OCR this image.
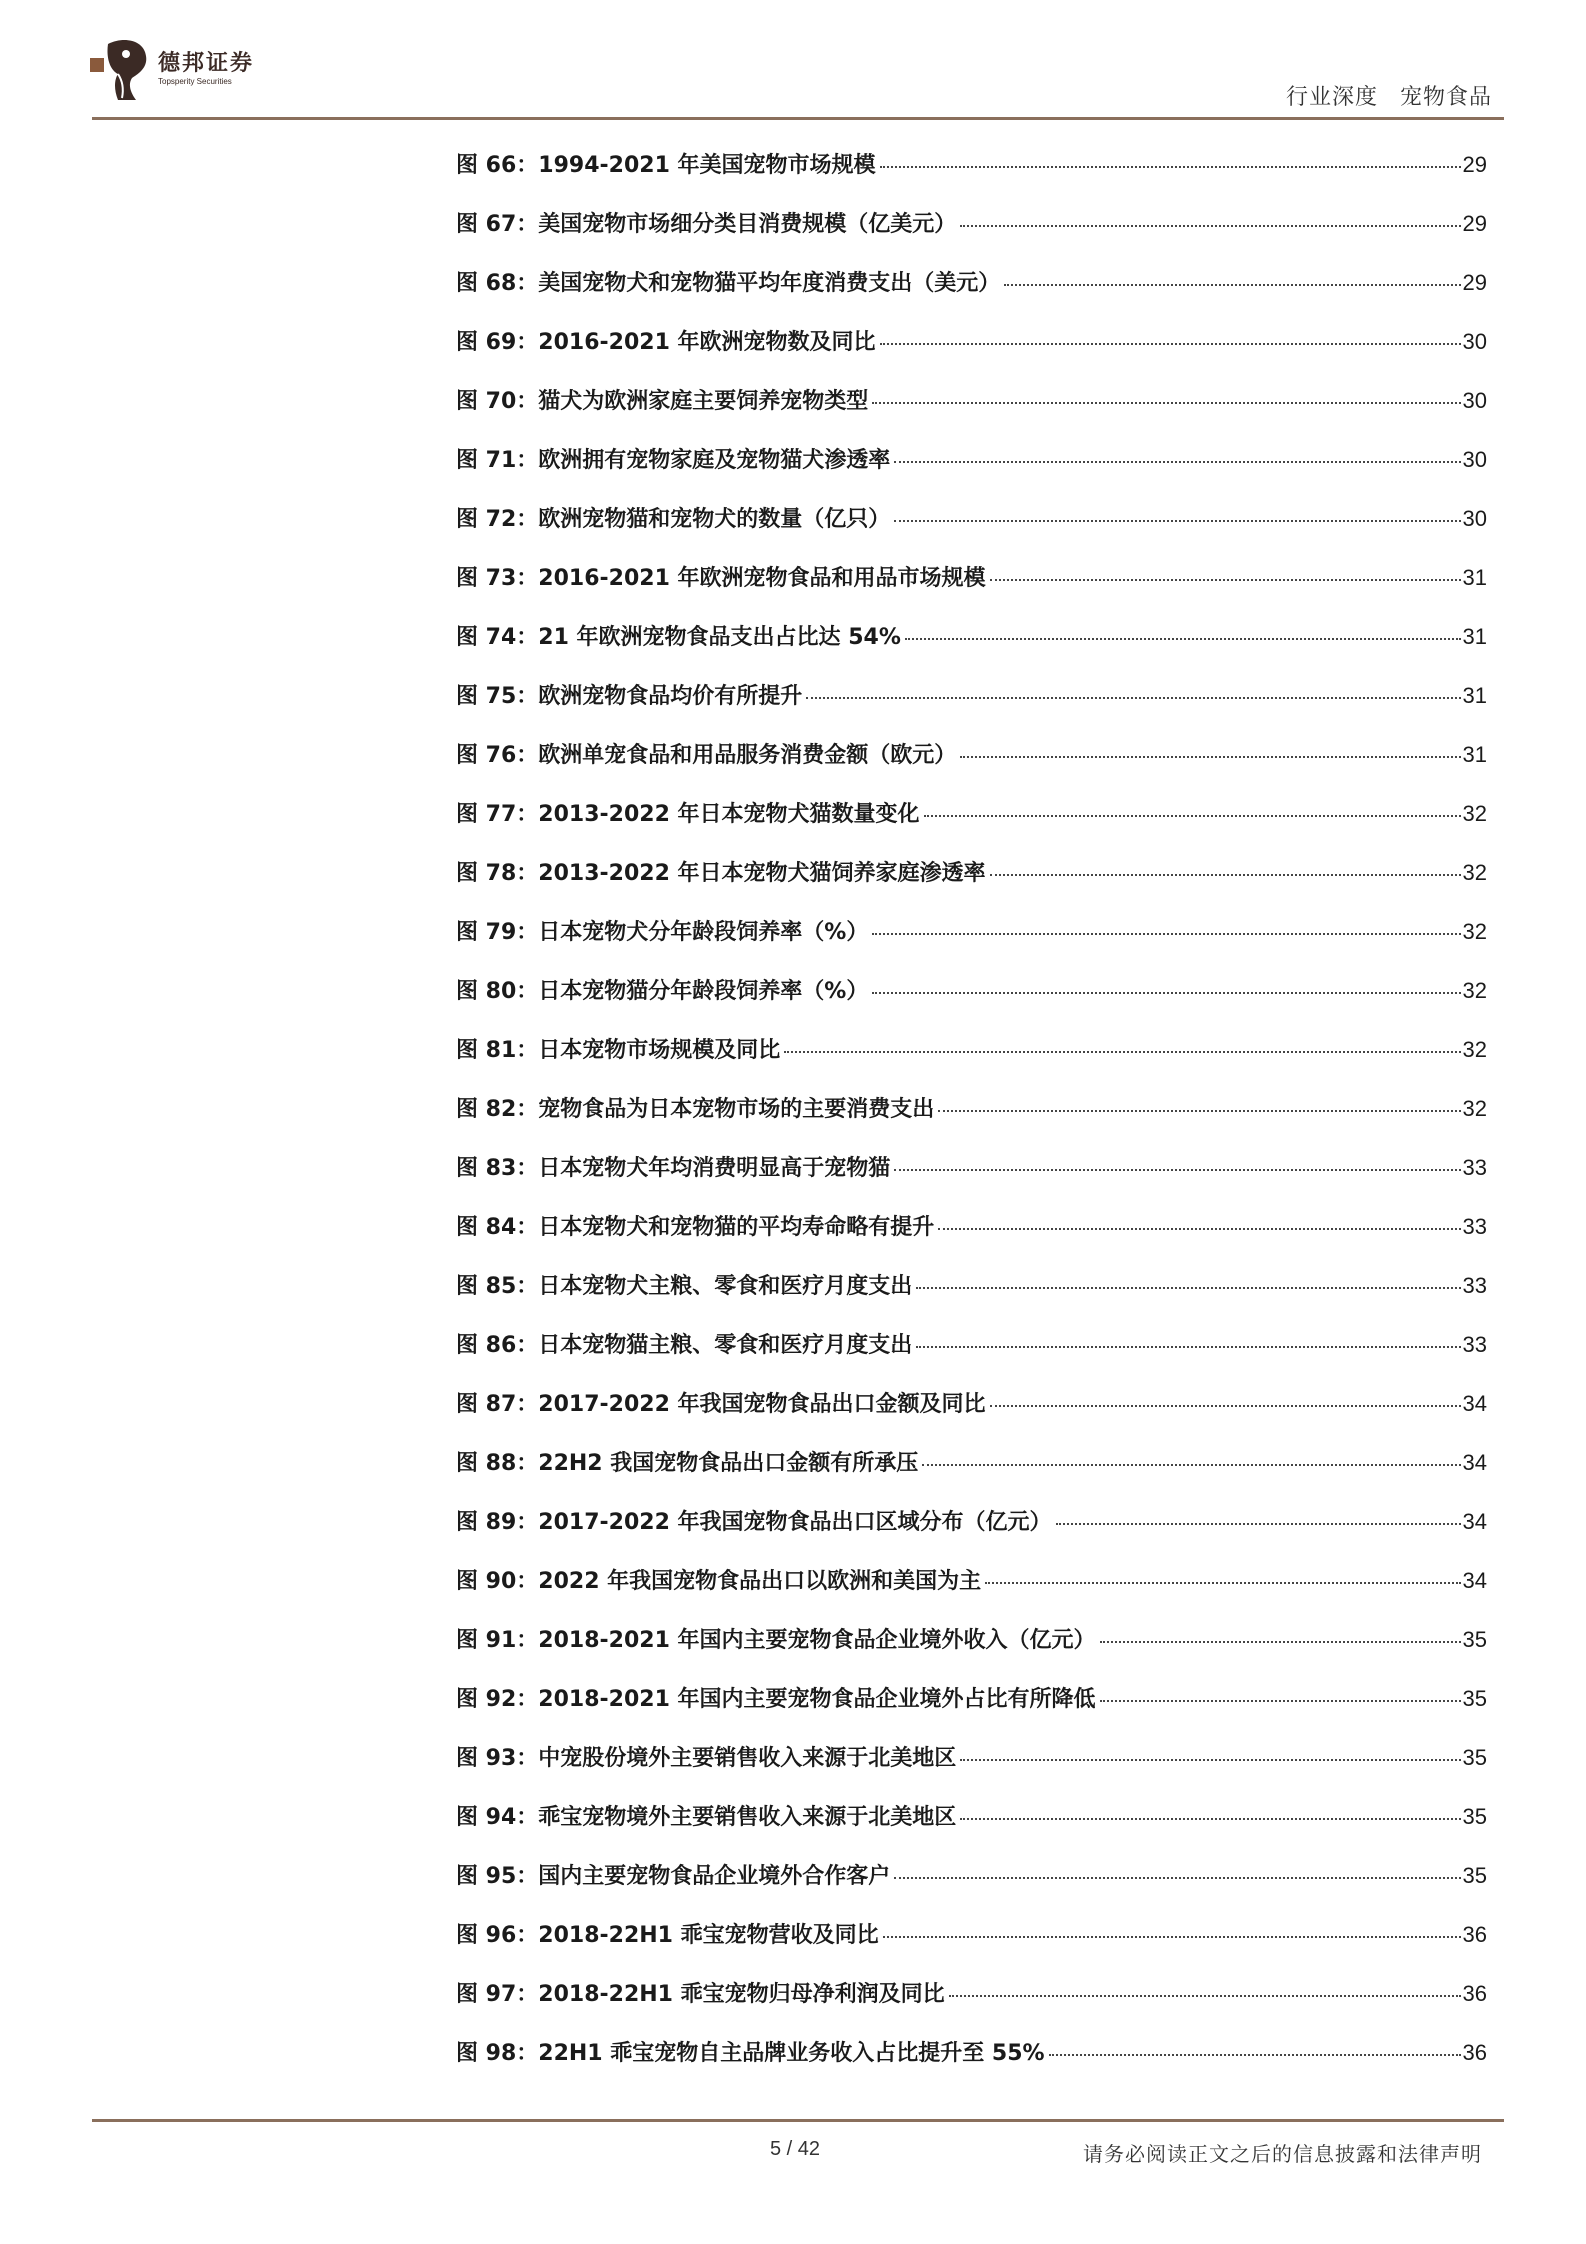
德邦证券
Topsperity Securities
行业深度 宠物食品
图 66： 1994-2021 年美国宠物市场规模	29
图 67： 美国宠物市场细分类目消费规模（亿美元）	29
图 68： 美国宠物犬和宠物猫平均年度消费支出（美元）	29
图 69： 2016-2021 年欧洲宠物数及同比	30
图 70： 猫犬为欧洲家庭主要饲养宠物类型	30
图 71： 欧洲拥有宠物家庭及宠物猫犬渗透率	30
图 72： 欧洲宠物猫和宠物犬的数量（亿只）	30
图 73： 2016-2021 年欧洲宠物食品和用品市场规模	31
图 74： 21 年欧洲宠物食品支出占比达 54%	31
图 75： 欧洲宠物食品均价有所提升	31
图 76： 欧洲单宠食品和用品服务消费金额（欧元）	31
图 77： 2013-2022 年日本宠物犬猫数量变化	32
图 78： 2013-2022 年日本宠物犬猫饲养家庭渗透率	32
图 79： 日本宠物犬分年龄段饲养率（%）	32
图 80： 日本宠物猫分年龄段饲养率（%）	32
图 81： 日本宠物市场规模及同比	32
图 82： 宠物食品为日本宠物市场的主要消费支出	32
图 83： 日本宠物犬年均消费明显高于宠物猫	33
图 84： 日本宠物犬和宠物猫的平均寿命略有提升	33
图 85： 日本宠物犬主粮、零食和医疗月度支出	33
图 86： 日本宠物猫主粮、零食和医疗月度支出	33
图 87： 2017-2022 年我国宠物食品出口金额及同比	34
图 88： 22H2 我国宠物食品出口金额有所承压	34
图 89： 2017-2022 年我国宠物食品出口区域分布（亿元）	34
图 90： 2022 年我国宠物食品出口以欧洲和美国为主	34
图 91： 2018-2021 年国内主要宠物食品企业境外收入（亿元）	35
图 92： 2018-2021 年国内主要宠物食品企业境外占比有所降低	35
图 93： 中宠股份境外主要销售收入来源于北美地区	35
图 94： 乖宝宠物境外主要销售收入来源于北美地区	35
图 95： 国内主要宠物食品企业境外合作客户	35
图 96： 2018-22H1 乖宝宠物营收及同比	36
图 97： 2018-22H1 乖宝宠物归母净利润及同比	36
图 98： 22H1 乖宝宠物自主品牌业务收入占比提升至 55%	36
5 / 42	请务必阅读正文之后的信息披露和法律声明
